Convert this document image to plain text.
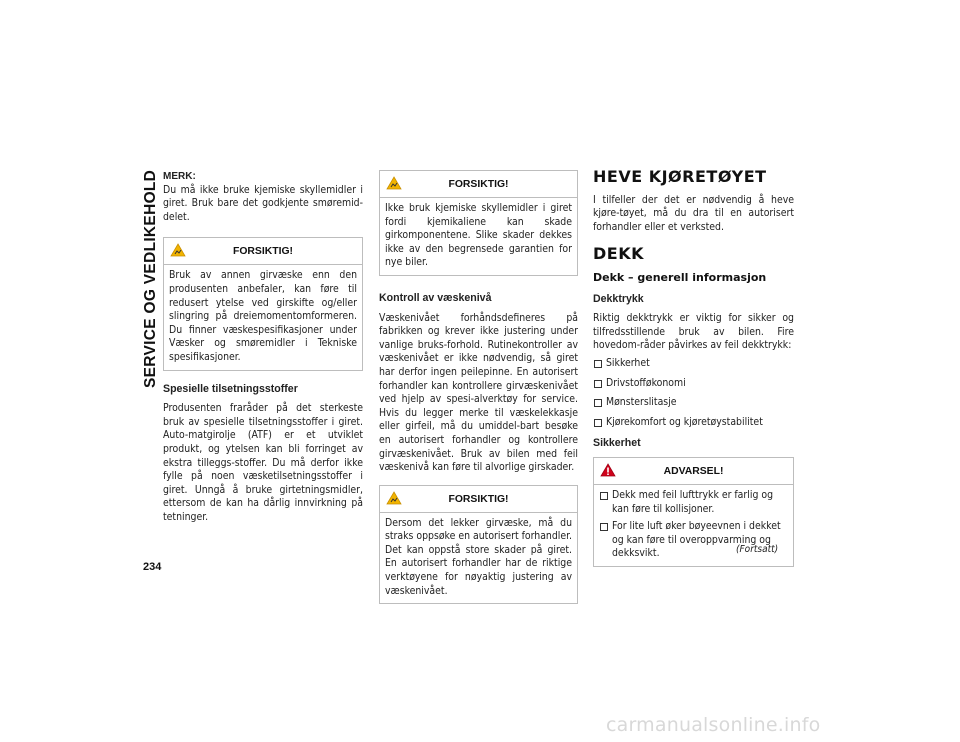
SERVICE OG VEDLIKEHOLD
234

MERK:

Du må ikke bruke kjemiske skyllemidler i giret. Bruk bare det godkjente smøremid-delet.

FORSIKTIG!

Bruk av annen girvæske enn den produsenten anbefaler, kan føre til redusert ytelse ved girskifte og/eller slingring på dreiemomentomformeren. Du finner væskespesifikasjoner under Væsker og smøremidler i Tekniske spesifikasjoner.

Spesielle tilsetningsstoffer

Produsenten fraråder på det sterkeste bruk av spesielle tilsetningsstoffer i giret. Auto-matgirolje (ATF) er et utviklet produkt, og ytelsen kan bli forringet av ekstra tilleggs-stoffer. Du må derfor ikke fylle på noen væsketilsetningsstoffer i giret. Unngå å bruke girtetningsmidler, ettersom de kan ha dårlig innvirkning på tetninger.

FORSIKTIG!

Ikke bruk kjemiske skyllemidler i giret fordi kjemikaliene kan skade girkomponentene. Slike skader dekkes ikke av den begrensede garantien for nye biler.

Kontroll av væskenivå

Væskenivået forhåndsdefineres på fabrikken og krever ikke justering under vanlige bruks-forhold. Rutinekontroller av væskenivået er ikke nødvendig, så giret har derfor ingen peilepinne. En autorisert forhandler kan kontrollere girvæskenivået ved hjelp av spesi-alverktøy for service. Hvis du legger merke til væskelekkasje eller girfeil, må du umiddel-bart besøke en autorisert forhandler og kontrollere girvæskenivået. Bruk av bilen med feil væskenivå kan føre til alvorlige girskader.

FORSIKTIG!

Dersom det lekker girvæske, må du straks oppsøke en autorisert forhandler. Det kan oppstå store skader på giret. En autorisert forhandler har de riktige verktøyene for nøyaktig justering av væskenivået.

HEVE KJØRETØYET

I tilfeller der det er nødvendig å heve kjøre-tøyet, må du dra til en autorisert forhandler eller et verksted.

DEKK

Dekk – generell informasjon

Dekktrykk

Riktig dekktrykk er viktig for sikker og tilfredsstillende bruk av bilen. Fire hovedom-råder påvirkes av feil dekktrykk:

Sikkerhet
Drivstofføkonomi
Mønsterslitasje
Kjørekomfort og kjøretøystabilitet

Sikkerhet

ADVARSEL!
Dekk med feil lufttrykk er farlig og kan føre til kollisjoner.
For lite luft øker bøyeevnen i dekket og kan føre til overoppvarming og dekksvikt.	(Fortsatt)
carmanualsonline.info
